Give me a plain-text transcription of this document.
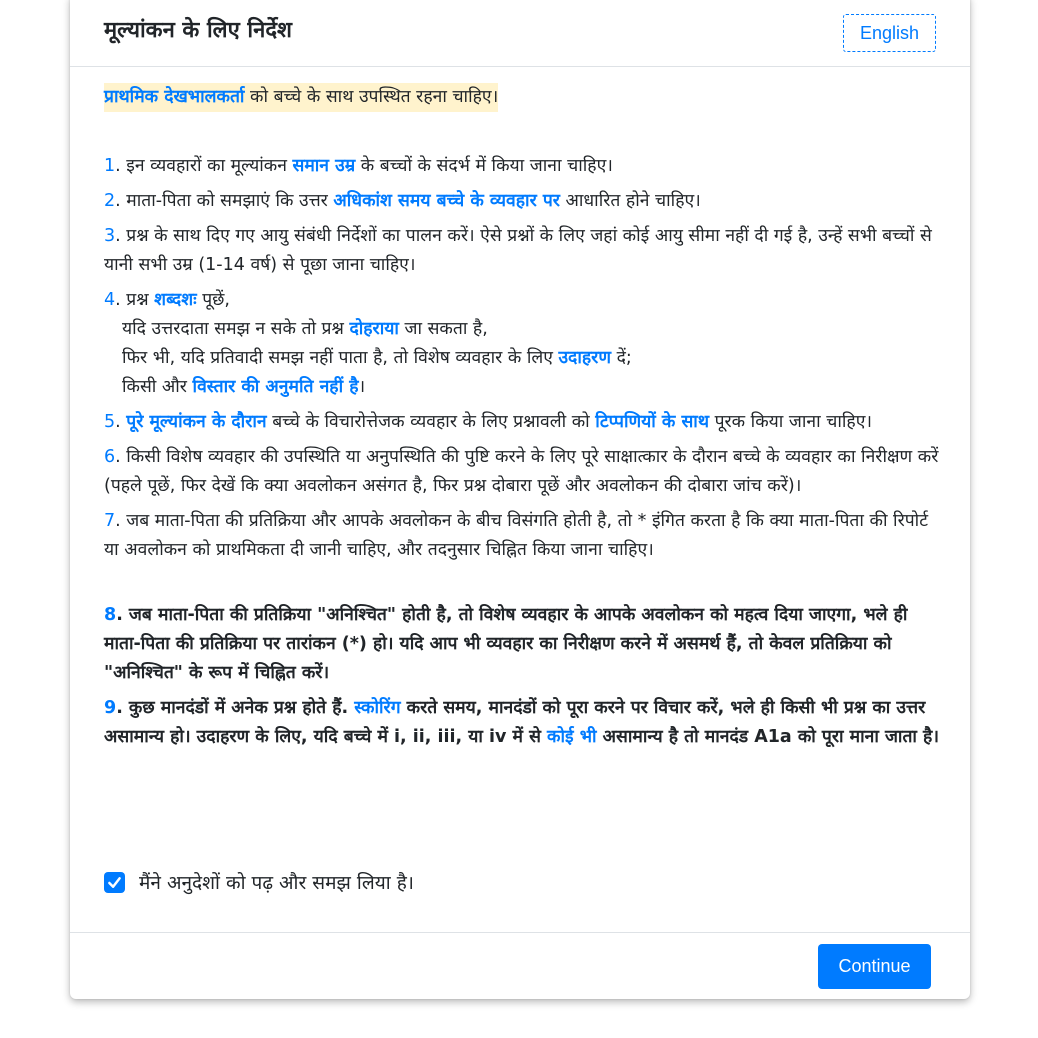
मूल्यांकन के लिए निर्देश	English
प्राथमिक देखभालकर्ता को बच्चे के साथ उपस्थित रहना चाहिए।

1. इन व्यवहारों का मूल्यांकन समान उम्र के बच्चों के संदर्भ में किया जाना चाहिए।

2. माता-पिता को समझाएं कि उत्तर अधिकांश समय बच्चे के व्यवहार पर आधारित होने चाहिए।

3. प्रश्न के साथ दिए गए आयु संबंधी निर्देशों का पालन करें। ऐसे प्रश्नों के लिए जहां कोई आयु सीमा नहीं दी गई है, उन्हें सभी बच्चों से यानी सभी उम्र (1-14 वर्ष) से पूछा जाना चाहिए।

4. प्रश्न शब्दशः पूछें,
यदि उत्तरदाता समझ न सके तो प्रश्न दोहराया जा सकता है,
फिर भी, यदि प्रतिवादी समझ नहीं पाता है, तो विशेष व्यवहार के लिए उदाहरण दें;
किसी और विस्तार की अनुमति नहीं है।

5. पूरे मूल्यांकन के दौरान बच्चे के विचारोत्तेजक व्यवहार के लिए प्रश्नावली को टिप्पणियों के साथ पूरक किया जाना चाहिए।

6. किसी विशेष व्यवहार की उपस्थिति या अनुपस्थिति की पुष्टि करने के लिए पूरे साक्षात्कार के दौरान बच्चे के व्यवहार का निरीक्षण करें (पहले पूछें, फिर देखें कि क्या अवलोकन असंगत है, फिर प्रश्न दोबारा पूछें और अवलोकन की दोबारा जांच करें)।

7. जब माता-पिता की प्रतिक्रिया और आपके अवलोकन के बीच विसंगति होती है, तो * इंगित करता है कि क्या माता-पिता की रिपोर्ट या अवलोकन को प्राथमिकता दी जानी चाहिए, और तदनुसार चिह्नित किया जाना चाहिए।

8. जब माता-पिता की प्रतिक्रिया "अनिश्चित" होती है, तो विशेष व्यवहार के आपके अवलोकन को महत्व दिया जाएगा, भले ही माता-पिता की प्रतिक्रिया पर तारांकन (*) हो। यदि आप भी व्यवहार का निरीक्षण करने में असमर्थ हैं, तो केवल प्रतिक्रिया को "अनिश्चित" के रूप में चिह्नित करें।

9. कुछ मानदंडों में अनेक प्रश्न होते हैं. स्कोरिंग करते समय, मानदंडों को पूरा करने पर विचार करें, भले ही किसी भी प्रश्न का उत्तर असामान्य हो। उदाहरण के लिए, यदि बच्चे में i, ii, iii, या iv में से कोई भी असामान्य है तो मानदंड A1a को पूरा माना जाता है।

मैंने अनुदेशों को पढ़ और समझ लिया है।
Continue
